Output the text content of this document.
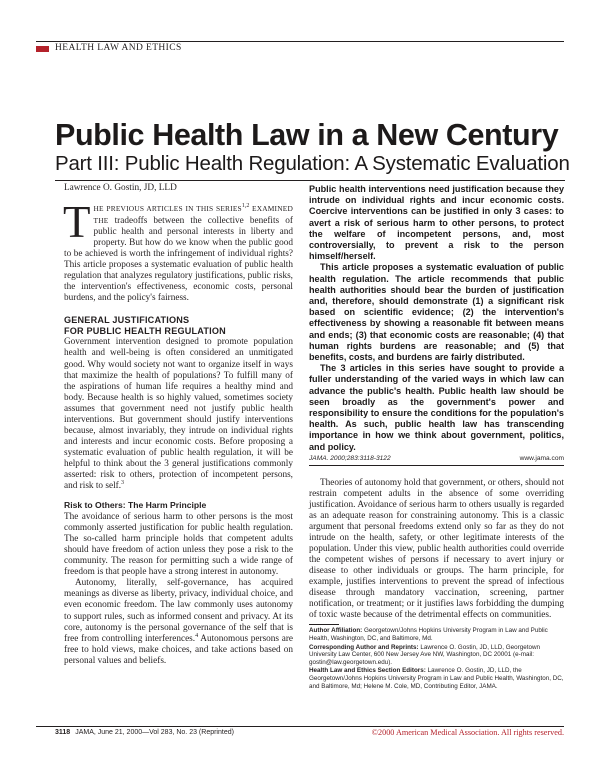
HEALTH LAW AND ETHICS
Public Health Law in a New Century
Part III: Public Health Regulation: A Systematic Evaluation
Lawrence O. Gostin, JD, LLD

THE PREVIOUS ARTICLES IN THIS SERIES$^{1,2}$ EXAMINED THE tradeoffs between the collective benefits of public health and personal interests in liberty and property. But how do we know when the public good to be achieved is worth the infringement of individual rights? This article proposes a systematic evaluation of public health regulation that analyzes regulatory justifications, public risks, the intervention's effectiveness, economic costs, personal burdens, and the policy's fairness.

GENERAL JUSTIFICATIONS
FOR PUBLIC HEALTH REGULATION

Government intervention designed to promote population health and well-being is often considered an unmitigated good. Why would society not want to organize itself in ways that maximize the health of populations? To fulfill many of the aspirations of human life requires a healthy mind and body. Because health is so highly valued, sometimes society assumes that government need not justify public health interventions. But government should justify interventions because, almost invariably, they intrude on individual rights and interests and incur economic costs. Before proposing a systematic evaluation of public health regulation, it will be helpful to think about the 3 general justifications commonly asserted: risk to others, protection of incompetent persons, and risk to self.$^3$

Risk to Others: The Harm Principle

The avoidance of serious harm to other persons is the most commonly asserted justification for public health regulation. The so-called harm principle holds that competent adults should have freedom of action unless they pose a risk to the community. The reason for permitting such a wide range of freedom is that people have a strong interest in autonomy.

Autonomy, literally, self-governance, has acquired meanings as diverse as liberty, privacy, individual choice, and even economic freedom. The law commonly uses autonomy to support rules, such as informed consent and privacy. At its core, autonomy is the personal governance of the self that is free from controlling interferences.$^4$ Autonomous persons are free to hold views, make choices, and take actions based on personal values and beliefs.

Public health interventions need justification because they intrude on individual rights and incur economic costs. Coercive interventions can be justified in only 3 cases: to avert a risk of serious harm to other persons, to protect the welfare of incompetent persons, and, most controversially, to prevent a risk to the person himself/herself.

This article proposes a systematic evaluation of public health regulation. The article recommends that public health authorities should bear the burden of justification and, therefore, should demonstrate (1) a significant risk based on scientific evidence; (2) the intervention's effectiveness by showing a reasonable fit between means and ends; (3) that economic costs are reasonable; (4) that human rights burdens are reasonable; and (5) that benefits, costs, and burdens are fairly distributed.

The 3 articles in this series have sought to provide a fuller understanding of the varied ways in which law can advance the public's health. Public health law should be seen broadly as the government's power and responsibility to ensure the conditions for the population's health. As such, public health law has transcending importance in how we think about government, politics, and policy.

JAMA. 2000;283:3118-3122	www.jama.com

Theories of autonomy hold that government, or others, should not restrain competent adults in the absence of some overriding justification. Avoidance of serious harm to others usually is regarded as an adequate reason for constraining autonomy. This is a classic argument that personal freedoms extend only so far as they do not intrude on the health, safety, or other legitimate interests of the population. Under this view, public health authorities could override the competent wishes of persons if necessary to avert injury or disease to other individuals or groups. The harm principle, for example, justifies interventions to prevent the spread of infectious disease through mandatory vaccination, screening, partner notification, or treatment; or it justifies laws forbidding the dumping of toxic waste because of the detrimental effects on communities.

Author Affiliation: Georgetown/Johns Hopkins University Program in Law and Public Health, Washington, DC, and Baltimore, Md.

Corresponding Author and Reprints: Lawrence O. Gostin, JD, LLD, Georgetown University Law Center, 600 New Jersey Ave NW, Washington, DC 20001 (e-mail: gostin@law.georgetown.edu).

Health Law and Ethics Section Editors: Lawrence O. Gostin, JD, LLD, the Georgetown/Johns Hopkins University Program in Law and Public Health, Washington, DC, and Baltimore, Md; Helene M. Cole, MD, Contributing Editor, JAMA.

3118 JAMA, June 21, 2000—Vol 283, No. 23 (Reprinted)	©2000 American Medical Association. All rights reserved.
